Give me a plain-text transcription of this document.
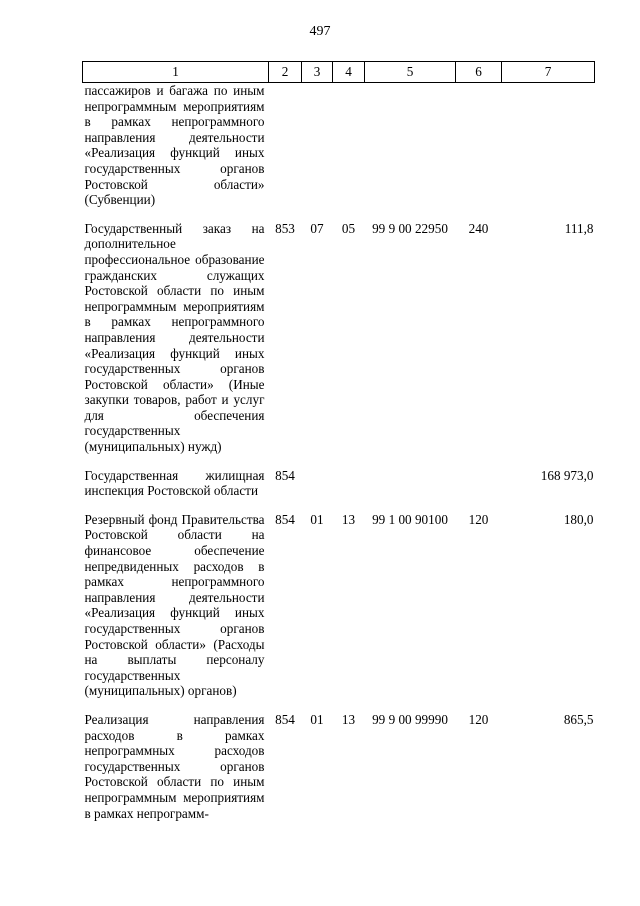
497
1	2	3	4	5	6	7
пассажиров и багажа по иным непрограммным мероприятиям в рамках непрограммного направления деятельности «Реализация функций иных государственных органов Ростовской области» (Субвенции)						
Государственный заказ на дополнительное профессиональное образование гражданских служащих Ростовской области по иным непрограммным мероприятиям в рамках непрограммного направления деятельности «Реализация функций иных государственных органов Ростовской области» (Иные закупки товаров, работ и услуг для обеспечения государственных (муниципальных) нужд)	853	07	05	99 9 00 22950	240	111,8
Государственная жилищная инспекция Ростовской области	854					168 973,0
Резервный фонд Правительства Ростовской области на финансовое обеспечение непредвиденных расходов в рамках непрограммного направления деятельности «Реализация функций иных государственных органов Ростовской области» (Расходы на выплаты персоналу государственных (муниципальных) органов)	854	01	13	99 1 00 90100	120	180,0
Реализация направления расходов в рамках непрограммных расходов государственных органов Ростовской области по иным непрограммным мероприятиям в рамках непрограмм-	854	01	13	99 9 00 99990	120	865,5
